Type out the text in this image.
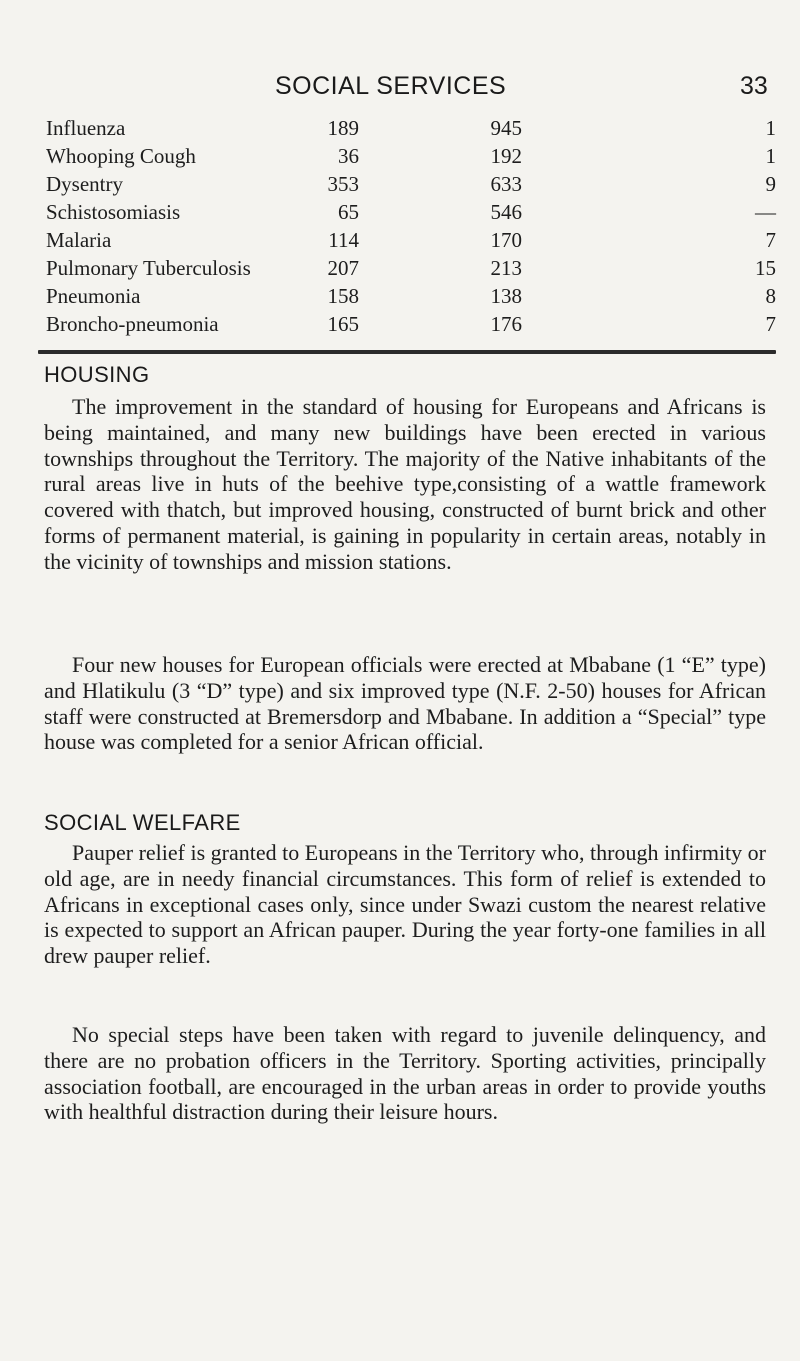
SOCIAL SERVICES	33
Influenza	189	945	1
Whooping Cough	36	192	1
Dysentry	353	633	9
Schistosomiasis	65	546	—
Malaria	114	170	7
Pulmonary Tuberculosis	207	213	15
Pneumonia	158	138	8
Broncho-pneumonia	165	176	7
HOUSING
The improvement in the standard of housing for Europeans and Africans is being maintained, and many new buildings have been erected in various townships throughout the Territory. The majority of the Native inhabitants of the rural areas live in huts of the beehive type,consisting of a wattle framework covered with thatch, but improved housing, constructed of burnt brick and other forms of permanent material, is gaining in popularity in certain areas, notably in the vicinity of townships and mission stations.
Four new houses for European officials were erected at Mbabane (1 “E” type) and Hlatikulu (3 “D” type) and six improved type (N.F. 2-50) houses for African staff were constructed at Bremersdorp and Mbabane. In addition a “Special” type house was completed for a senior African official.
SOCIAL WELFARE
Pauper relief is granted to Europeans in the Territory who, through infirmity or old age, are in needy financial circumstances. This form of relief is extended to Africans in exceptional cases only, since under Swazi custom the nearest relative is expected to support an African pauper. During the year forty-one families in all drew pauper relief.
No special steps have been taken with regard to juvenile delinquency, and there are no probation officers in the Territory. Sporting activities, principally association football, are encouraged in the urban areas in order to provide youths with healthful distraction during their leisure hours.
